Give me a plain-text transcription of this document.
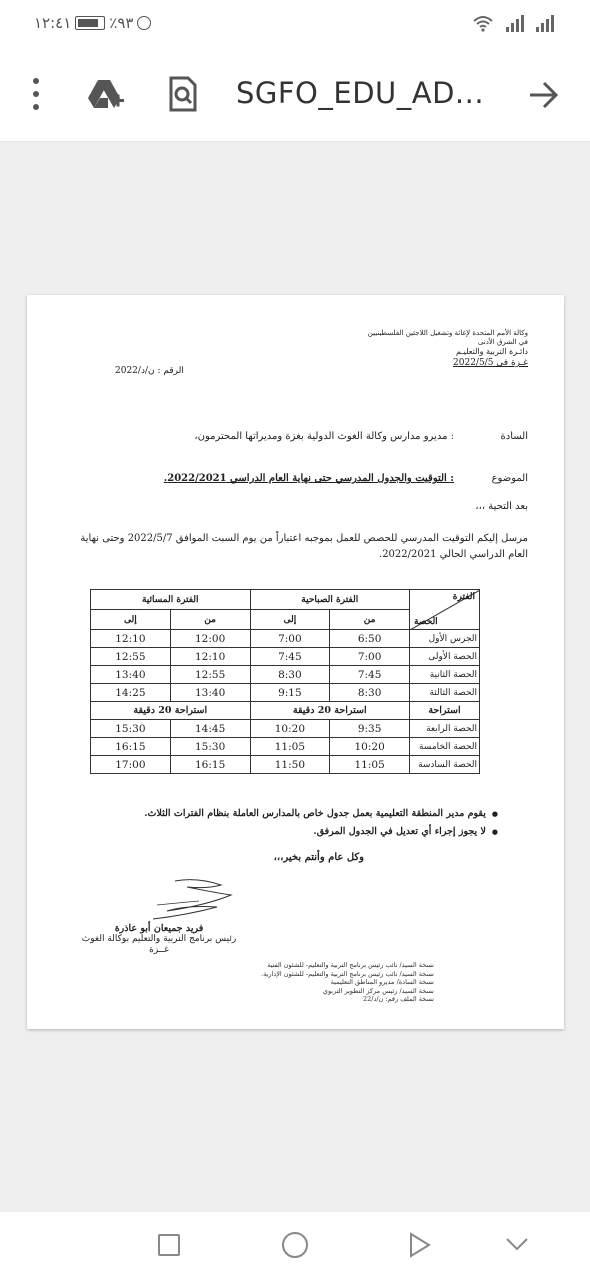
١٢:٤١	٪٩٣
SGFO_EDU_AD...
وكالة الأمم المتحدة لإغاثة وتشغيل اللاجئين الفلسطينيين
في الشرق الأدنى
دائـرة التربية والتعليـم
غـزة في 2022/5/5
الرقم : ن/د/2022
السادة
: مديرو مدارس وكالة الغوث الدولية بغزة ومديراتها المحترمون،
الموضوع
: التوقيت والجدول المدرسي حتى نهاية العام الدراسي 2022/2021.
بعد التحية ،،،
مرسل إليكم التوقيت المدرسي للحصص للعمل بموجبه اعتباراً من يوم السبت الموافق 2022/5/7 وحتى نهاية العام الدراسي الحالي 2022/2021.
الفترة
الحصة	الفترة الصباحية		الفترة المسائية	
	من	إلى	من	إلى
الجرس الأول	6:50	7:00	12:00	12:10
الحصة الأولى	7:00	7:45	12:10	12:55
الحصة الثانية	7:45	8:30	12:55	13:40
الحصة الثالثة	8:30	9:15	13:40	14:25
استراحة	استراحة 20 دقيقة		استراحة 20 دقيقة	
الحصة الرابعة	9:35	10:20	14:45	15:30
الحصة الخامسة	10:20	11:05	15:30	16:15
الحصة السادسة	11:05	11:50	16:15	17:00
● يقوم مدير المنطقة التعليمية بعمل جدول خاص بالمدارس العاملة بنظام الفترات الثلاث.
● لا يجوز إجراء أي تعديل في الجدول المرفق.
وكل عام وأنتم بخير،،،
فريد جميعان أبو عاذرة
رئيس برنامج التربية والتعليم بوكالة الغوث
غــزة
نسخة السيد/ نائب رئيس برنامج التربية والتعليم- للشئون الفنية
نسخة السيد/ نائب رئيس برنامج التربية والتعليم- للشئون الإدارية.
نسخة السادة/ مديرو المناطق التعليمية
نسخة السيد/ رئيس مركز التطوير التربوي
نسخة الملف رقم: ن/د/22
